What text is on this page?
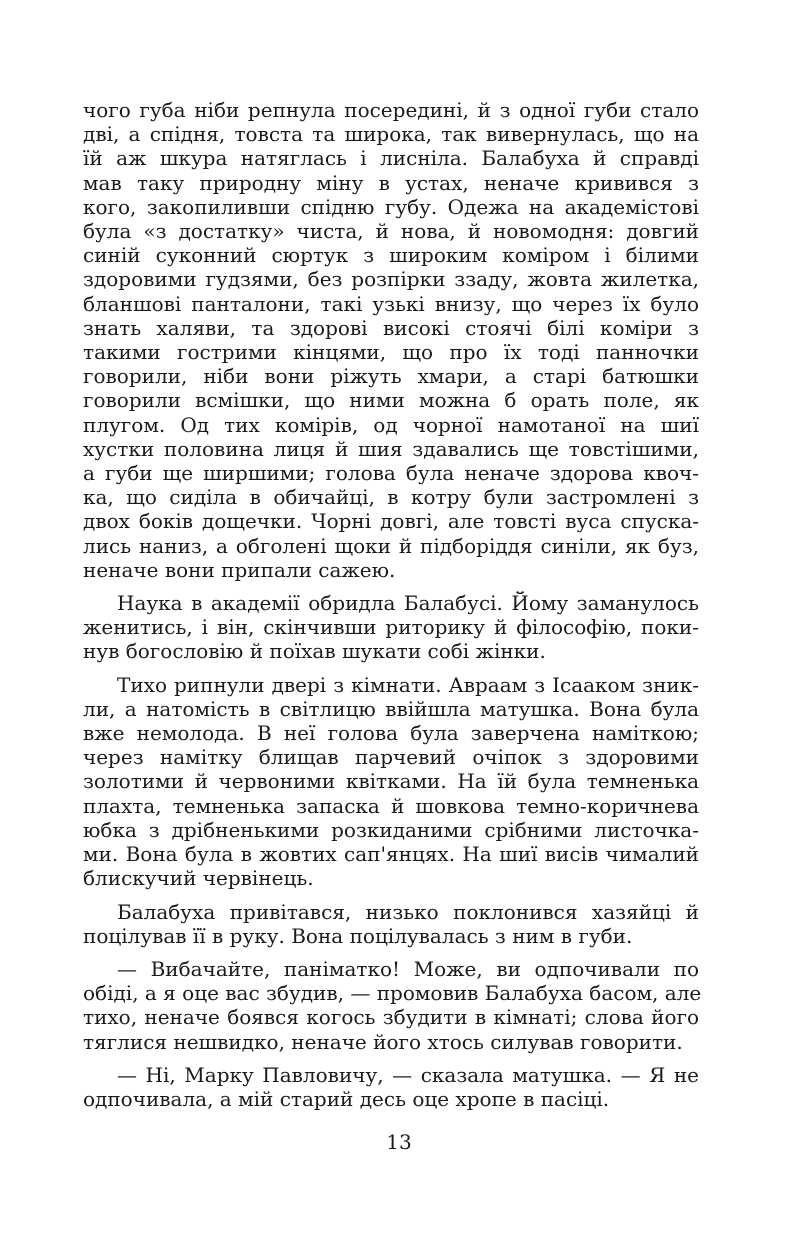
чого губа ніби репнула посередині, й з одної губи стало
дві, а спідня, товста та широка, так вивернулась, що на
їй аж шкура натяглась і лисніла. Балабуха й справді
мав таку природну міну в устах, неначе кривився з
кого, закопиливши спідню губу. Одежа на академістові
була «з достатку» чиста, й нова, й новомодня: довгий
синій суконний сюртук з широким коміром і білими
здоровими гудзями, без розпірки ззаду, жовта жилетка,
бланшові панталони, такі узькі внизу, що через їх було
знать халяви, та здорові високі стоячі білі коміри з
такими гострими кінцями, що про їх тоді панночки
говорили, ніби вони ріжуть хмари, а старі батюшки
говорили всмішки, що ними можна б орать поле, як
плугом. Од тих комірів, од чорної намотаної на шиї
хустки половина лиця й шия здавались ще товстішими,
а губи ще ширшими; голова була неначе здорова квоч-
ка, що сиділа в обичайці, в котру були застромлені з
двох боків дощечки. Чорні довгі, але товсті вуса спуска-
лись наниз, а обголені щоки й підборіддя синіли, як буз,
неначе вони припали сажею.

Наука в академії обридла Балабусі. Йому заманулось
женитись, і він, скінчивши риторику й філософію, поки-
нув богословію й поїхав шукати собі жінки.

Тихо рипнули двері з кімнати. Авраам з Ісааком зник-
ли, а натомість в світлицю ввійшла матушка. Вона була
вже немолода. В неї голова була заверчена наміткою;
через намітку блищав парчевий очіпок з здоровими
золотими й червоними квітками. На їй була темненька
плахта, темненька запаска й шовкова темно-коричнева
юбка з дрібненькими розкиданими срібними листочка-
ми. Вона була в жовтих сап'янцях. На шиї висів чималий
блискучий червінець.

Балабуха привітався, низько поклонився хазяйці й
поцілував її в руку. Вона поцілувалась з ним в губи.

— Вибачайте, паніматко! Може, ви одпочивали по
обіді, а я оце вас збудив, — промовив Балабуха басом, але
тихо, неначе боявся когось збудити в кімнаті; слова його
тяглися нешвидко, неначе його хтось силував говорити.

— Ні, Марку Павловичу, — сказала матушка. — Я не
одпочивала, а мій старий десь оце хропе в пасіці.

13
